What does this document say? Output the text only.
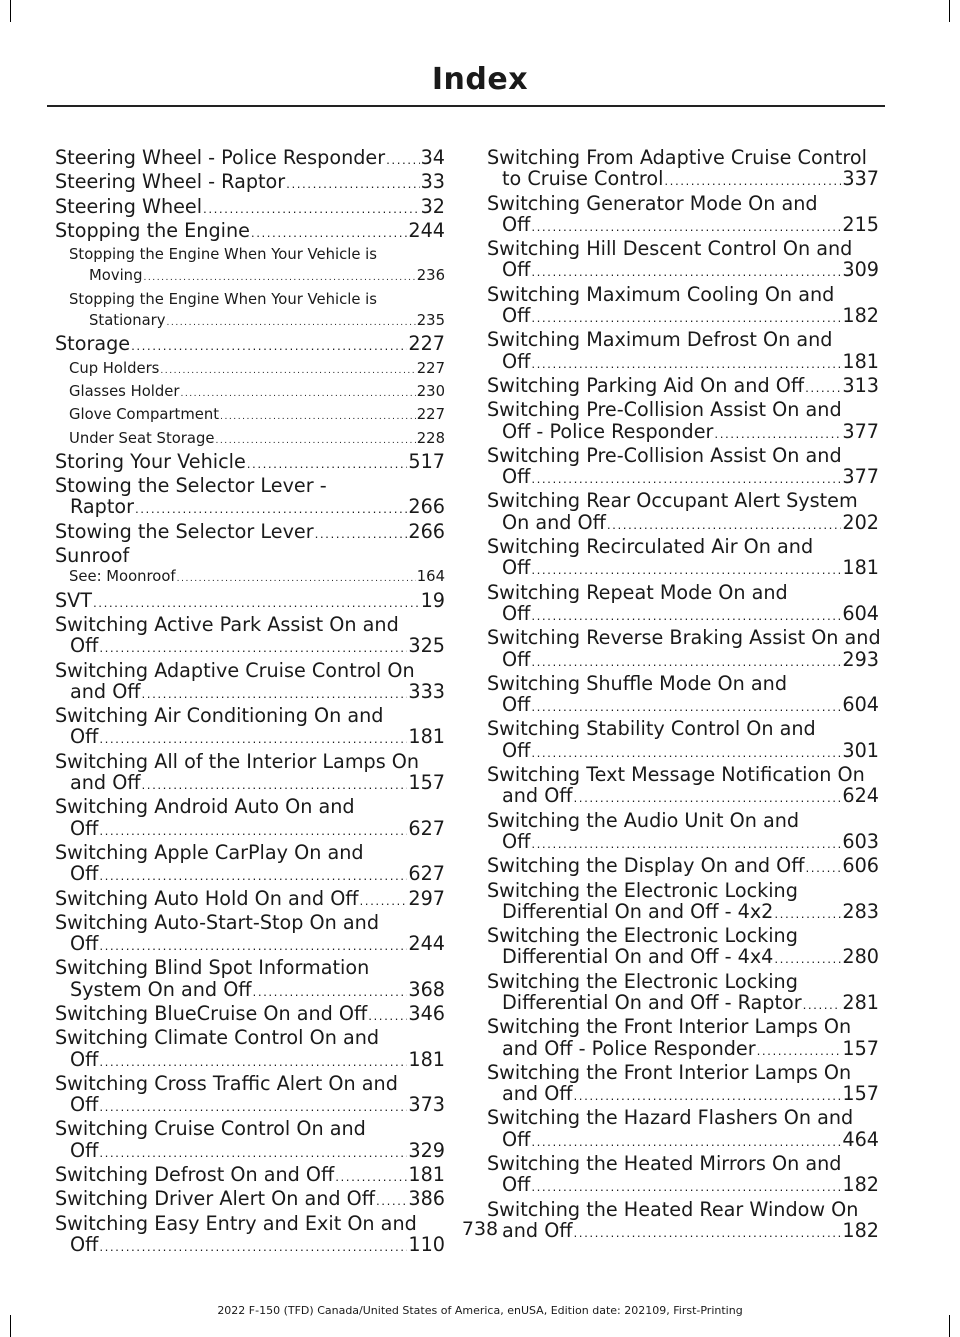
Index
Steering Wheel - Police Responder ..... 34
Steering Wheel - Raptor .....	33
Steering Wheel .....	32
Stopping the Engine .....	244
Stopping the Engine When Your Vehicle is
Moving .....	236
Stopping the Engine When Your Vehicle is
Stationary .....	235
Storage .....	227
Cup Holders .....	227
Glasses Holder .....	230
Glove Compartment .....	227
Under Seat Storage .....	228
Storing Your Vehicle .....	517
Stowing the Selector Lever -
Raptor .....	266
Stowing the Selector Lever .....	266
Sunroof
See: Moonroof .....	164
SVT .....	19
Switching Active Park Assist On and
Off .....	325
Switching Adaptive Cruise Control On
and Off .....	333
Switching Air Conditioning On and
Off .....	181
Switching All of the Interior Lamps On
and Off .....	157
Switching Android Auto On and
Off .....	627
Switching Apple CarPlay On and
Off .....	627
Switching Auto Hold On and Off .....	297
Switching Auto-Start-Stop On and
Off .....	244
Switching Blind Spot Information
System On and Off .....	368
Switching BlueCruise On and Off ..... 346
Switching Climate Control On and
Off .....	181
Switching Cross Traffic Alert On and
Off .....	373
Switching Cruise Control On and
Off .....	329
Switching Defrost On and Off .....	181
Switching Driver Alert On and Off ..... 386
Switching Easy Entry and Exit On and
Off .....	110
Switching From Adaptive Cruise Control
to Cruise Control .....	337
Switching Generator Mode On and
Off .....	215
Switching Hill Descent Control On and
Off .....	309
Switching Maximum Cooling On and
Off .....	182
Switching Maximum Defrost On and
Off .....	181
Switching Parking Aid On and Off ..... 313
Switching Pre-Collision Assist On and
Off - Police Responder .....	377
Switching Pre-Collision Assist On and
Off .....	377
Switching Rear Occupant Alert System
On and Off .....	202
Switching Recirculated Air On and
Off .....	181
Switching Repeat Mode On and
Off .....	604
Switching Reverse Braking Assist On and
Off .....	293
Switching Shuffle Mode On and
Off .....	604
Switching Stability Control On and
Off .....	301
Switching Text Message Notification On
and Off .....	624
Switching the Audio Unit On and
Off .....	603
Switching the Display On and Off ..... 606
Switching the Electronic Locking
Differential On and Off - 4x2 .....	283
Switching the Electronic Locking
Differential On and Off - 4x4 .....	280
Switching the Electronic Locking
Differential On and Off - Raptor ..... 281
Switching the Front Interior Lamps On
and Off - Police Responder .....	157
Switching the Front Interior Lamps On
and Off .....	157
Switching the Hazard Flashers On and
Off .....	464
Switching the Heated Mirrors On and
Off .....	182
Switching the Heated Rear Window On
and Off .....	182
738
2022 F-150 (TFD) Canada/United States of America, enUSA, Edition date: 202109, First-Printing
